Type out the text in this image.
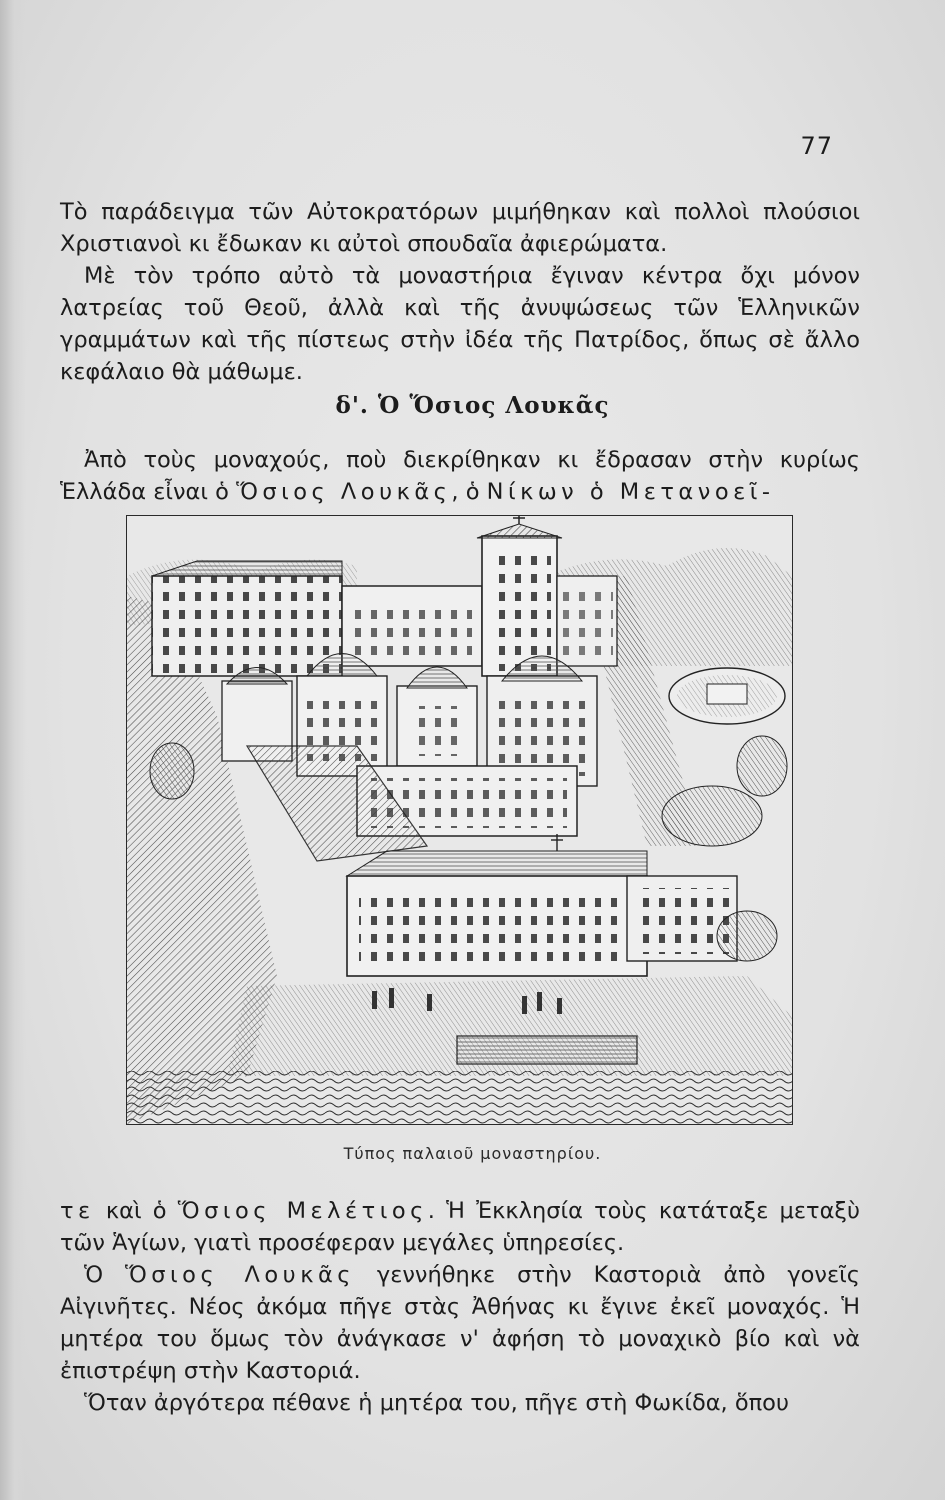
77

Τὸ παράδειγμα τῶν Αὐτοκρατόρων μιμήθηκαν καὶ πολλοὶ πλούσιοι Χριστιανοὶ κι ἔδωκαν κι αὐτοὶ σπουδαῖα ἀφιερώματα.

Μὲ τὸν τρόπο αὐτὸ τὰ μοναστήρια ἔγιναν κέντρα ὄχι μόνον λατρείας τοῦ Θεοῦ, ἀλλὰ καὶ τῆς ἀνυψώσεως τῶν Ἑλληνικῶν γραμμάτων καὶ τῆς πίστεως στὴν ἰδέα τῆς Πατρίδος, ὅπως σὲ ἄλλο κεφάλαιο θὰ μάθωμε.

δ'. Ὁ Ὅσιος Λουκᾶς

Ἀπὸ τοὺς μοναχούς, ποὺ διεκρίθηκαν κι ἔδρασαν στὴν κυρίως Ἑλλάδα εἶναι ὁ Ὅσιος Λουκᾶς, ὁ Νίκων ὁ Μετανοεῖ-

Τύπος παλαιοῦ μοναστηρίου.

τε καὶ ὁ Ὅσιος Μελέτιος. Ἡ Ἐκκλησία τοὺς κατάταξε μεταξὺ τῶν Ἁγίων, γιατὶ προσέφεραν μεγάλες ὑπηρεσίες.

Ὁ Ὅσιος Λουκᾶς γεννήθηκε στὴν Καστοριὰ ἀπὸ γονεῖς Αἰγινῆτες. Νέος ἀκόμα πῆγε στὰς Ἀθήνας κι ἔγινε ἐκεῖ μοναχός. Ἡ μητέρα του ὅμως τὸν ἀνάγκασε ν' ἀφήση τὸ μοναχικὸ βίο καὶ νὰ ἐπιστρέψη στὴν Καστοριά.

Ὅταν ἀργότερα πέθανε ἡ μητέρα του, πῆγε στὴ Φωκίδα, ὅπου
